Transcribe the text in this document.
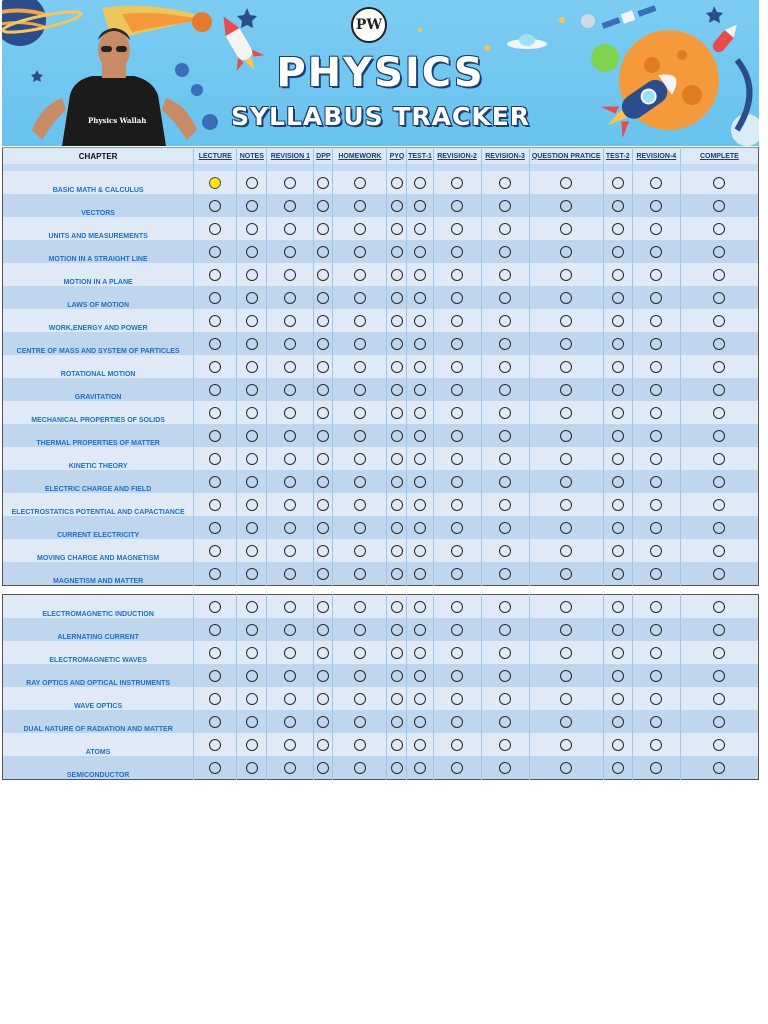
PW
PHYSICS
SYLLABUS TRACKER
Physics Wallah
CHAPTER	LECTURE	NOTES	REVISION 1	DPP	HOMEWORK	PYQ	TEST-1	REVISION-2	REVISION-3	QUESTION PRATICE	TEST-2	REVISION-4	COMPLETE

BASIC MATH & CALCULUS													
VECTORS													
UNITS AND MEASUREMENTS													
MOTION IN A STRAIGHT LINE													
MOTION IN A PLANE													
LAWS OF MOTION													
WORK,ENERGY AND POWER													
CENTRE OF MASS AND SYSTEM OF PARTICLES													
ROTATIONAL MOTION													
GRAVITATION													
MECHANICAL PROPERTIES OF SOLIDS													
THERMAL PROPERTIES OF MATTER													
KINETIC THEORY													
ELECTRIC CHARGE AND FIELD													
ELECTROSTATICS POTENTIAL AND CAPACTIANCE													
CURRENT ELECTRICITY													
MOVING CHARGE AND MAGNETISM													
MAGNETISM AND MATTER													
ELECTROMAGNETIC INDUCTION													
ALERNATING CURRENT													
ELECTROMAGNETIC WAVES													
RAY OPTICS AND OPTICAL INSTRUMENTS													
WAVE OPTICS													
DUAL NATURE OF RADIATION AND MATTER													
ATOMS													
SEMICONDUCTOR													
